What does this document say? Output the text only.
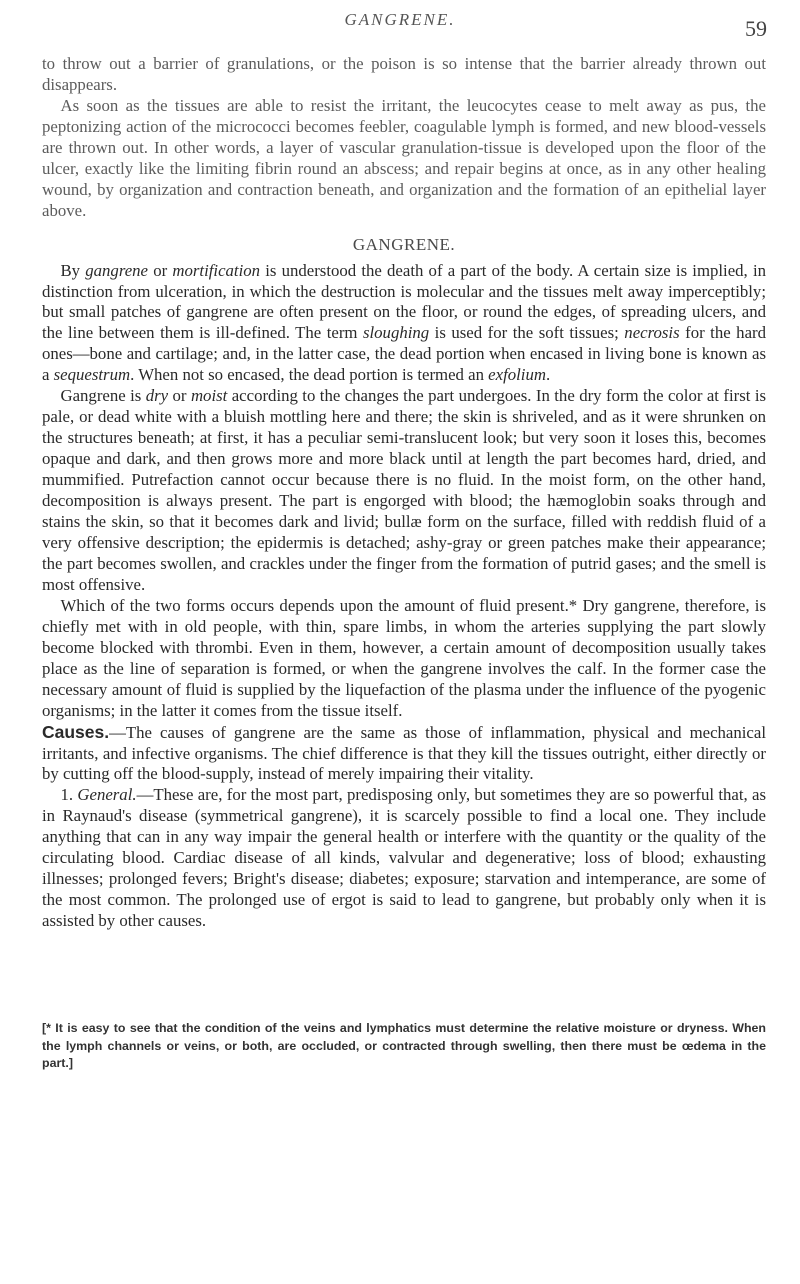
GANGRENE.	59

to throw out a barrier of granulations, or the poison is so intense that the barrier already thrown out disappears.

As soon as the tissues are able to resist the irritant, the leucocytes cease to melt away as pus, the peptonizing action of the micrococci becomes feebler, coagulable lymph is formed, and new blood-vessels are thrown out. In other words, a layer of vascular granulation-tissue is developed upon the floor of the ulcer, exactly like the limiting fibrin round an abscess; and repair begins at once, as in any other healing wound, by organization and contraction beneath, and organization and the formation of an epithelial layer above.

GANGRENE.

By gangrene or mortification is understood the death of a part of the body. A certain size is implied, in distinction from ulceration, in which the destruction is molecular and the tissues melt away imperceptibly; but small patches of gangrene are often present on the floor, or round the edges, of spreading ulcers, and the line between them is ill-defined. The term sloughing is used for the soft tissues; necrosis for the hard ones—bone and cartilage; and, in the latter case, the dead portion when encased in living bone is known as a sequestrum. When not so encased, the dead portion is termed an exfolium.

Gangrene is dry or moist according to the changes the part undergoes. In the dry form the color at first is pale, or dead white with a bluish mottling here and there; the skin is shriveled, and as it were shrunken on the structures beneath; at first, it has a peculiar semi-translucent look; but very soon it loses this, becomes opaque and dark, and then grows more and more black until at length the part becomes hard, dried, and mummified. Putrefaction cannot occur because there is no fluid. In the moist form, on the other hand, decomposition is always present. The part is engorged with blood; the hæmoglobin soaks through and stains the skin, so that it becomes dark and livid; bullæ form on the surface, filled with reddish fluid of a very offensive description; the epidermis is detached; ashy-gray or green patches make their appearance; the part becomes swollen, and crackles under the finger from the formation of putrid gases; and the smell is most offensive.

Which of the two forms occurs depends upon the amount of fluid present.* Dry gangrene, therefore, is chiefly met with in old people, with thin, spare limbs, in whom the arteries supplying the part slowly become blocked with thrombi. Even in them, however, a certain amount of decomposition usually takes place as the line of separation is formed, or when the gangrene involves the calf. In the former case the necessary amount of fluid is supplied by the liquefaction of the plasma under the influence of the pyogenic organisms; in the latter it comes from the tissue itself.

Causes.—The causes of gangrene are the same as those of inflammation, physical and mechanical irritants, and infective organisms. The chief difference is that they kill the tissues outright, either directly or by cutting off the blood-supply, instead of merely impairing their vitality.

1. General.—These are, for the most part, predisposing only, but sometimes they are so powerful that, as in Raynaud's disease (symmetrical gangrene), it is scarcely possible to find a local one. They include anything that can in any way impair the general health or interfere with the quantity or the quality of the circulating blood. Cardiac disease of all kinds, valvular and degenerative; loss of blood; exhausting illnesses; prolonged fevers; Bright's disease; diabetes; exposure; starvation and intemperance, are some of the most common. The prolonged use of ergot is said to lead to gangrene, but probably only when it is assisted by other causes.

[* It is easy to see that the condition of the veins and lymphatics must determine the relative moisture or dryness. When the lymph channels or veins, or both, are occluded, or contracted through swelling, then there must be œdema in the part.]
